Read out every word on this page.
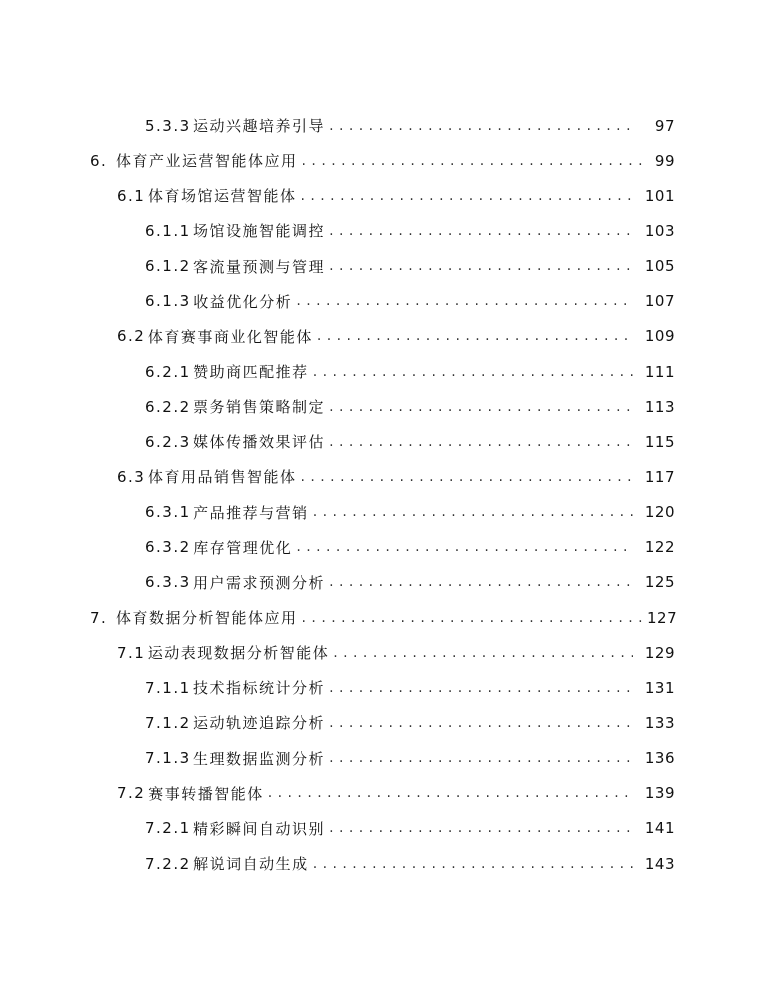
5.3.3 运动兴趣培养引导 . . .	97
6. 体育产业运营智能体应用 . . .	99
6.1 体育场馆运营智能体 . . .	101
6.1.1 场馆设施智能调控 . . .	103
6.1.2 客流量预测与管理 . . .	105
6.1.3 收益优化分析 . . .	107
6.2 体育赛事商业化智能体 . . .	109
6.2.1 赞助商匹配推荐 . . .	111
6.2.2 票务销售策略制定 . . .	113
6.2.3 媒体传播效果评估 . . .	115
6.3 体育用品销售智能体 . . .	117
6.3.1 产品推荐与营销 . . .	120
6.3.2 库存管理优化 . . .	122
6.3.3 用户需求预测分析 . . .	125
7. 体育数据分析智能体应用 . . .	127
7.1 运动表现数据分析智能体 . . .	129
7.1.1 技术指标统计分析 . . .	131
7.1.2 运动轨迹追踪分析 . . .	133
7.1.3 生理数据监测分析 . . .	136
7.2 赛事转播智能体 . . .	139
7.2.1 精彩瞬间自动识别 . . .	141
7.2.2 解说词自动生成 . . .	143
